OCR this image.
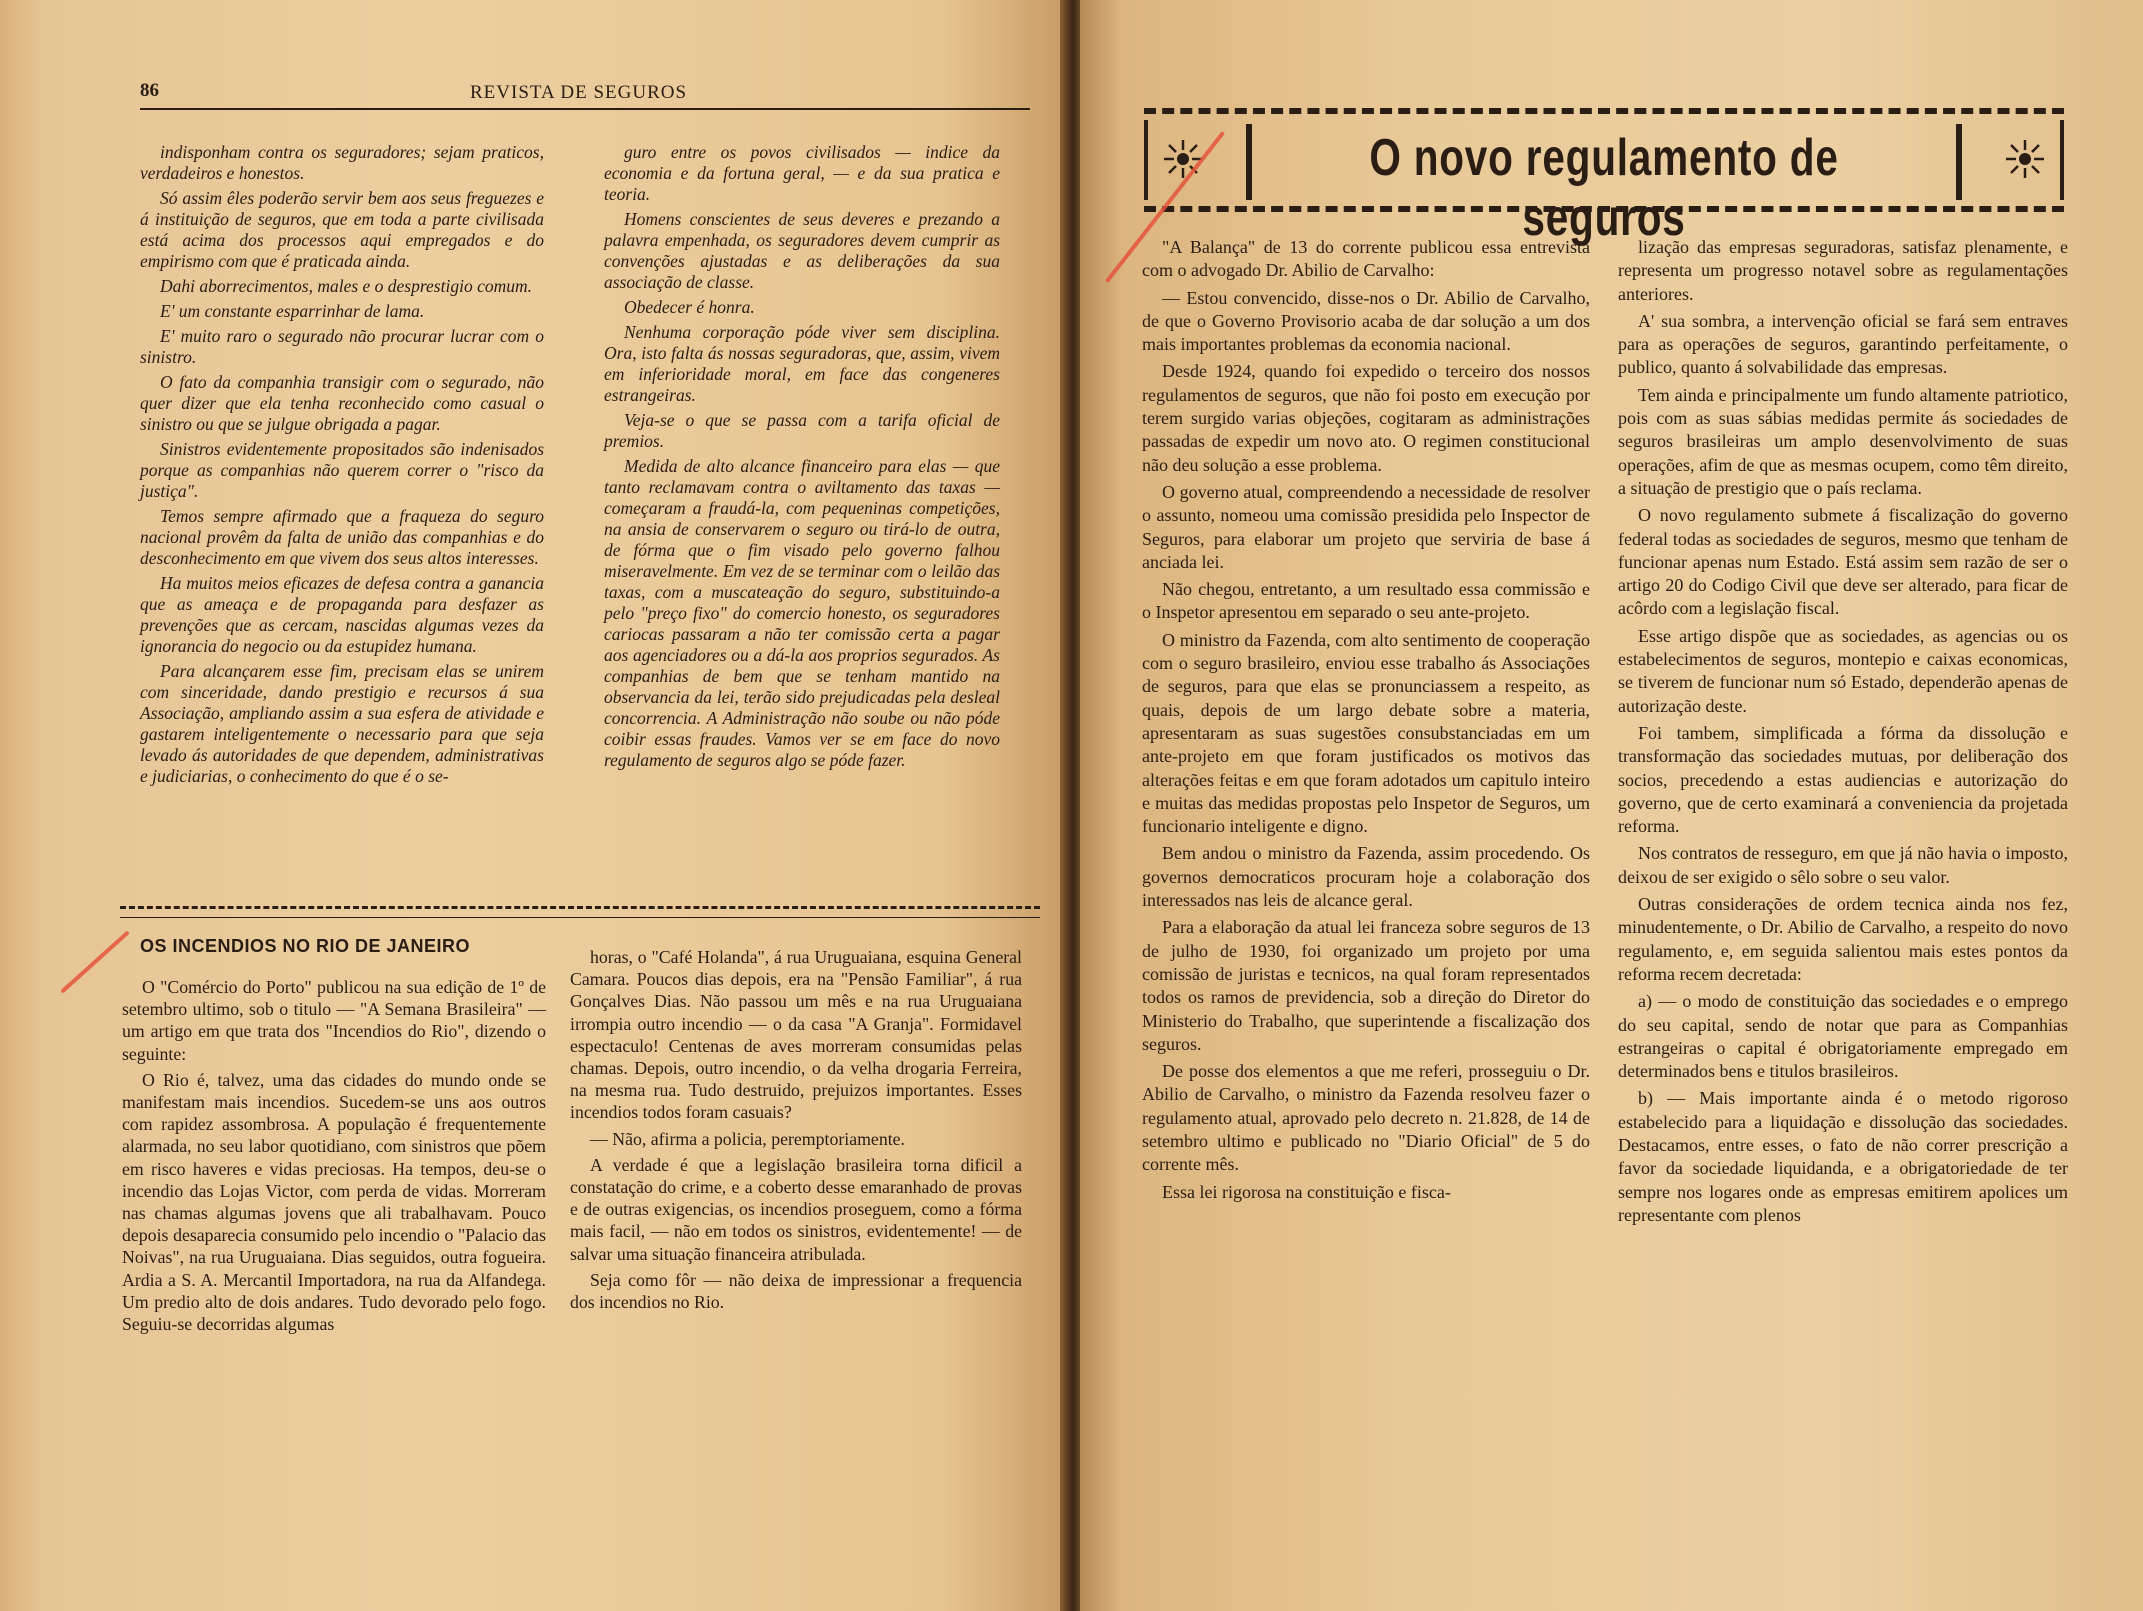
86	REVISTA DE SEGUROS

indisponham contra os seguradores; sejam praticos, verdadeiros e honestos.

Só assim êles poderão servir bem aos seus freguezes e á instituição de seguros, que em toda a parte civilisada está acima dos processos aqui empregados e do empirismo com que é praticada ainda.

Dahi aborrecimentos, males e o desprestigio comum.

E' um constante esparrinhar de lama.

E' muito raro o segurado não procurar lucrar com o sinistro.

O fato da companhia transigir com o segurado, não quer dizer que ela tenha reconhecido como casual o sinistro ou que se julgue obrigada a pagar.

Sinistros evidentemente propositados são indenisados porque as companhias não querem correr o "risco da justiça".

Temos sempre afirmado que a fraqueza do seguro nacional provêm da falta de união das companhias e do desconhecimento em que vivem dos seus altos interesses.

Ha muitos meios eficazes de defesa contra a ganancia que as ameaça e de propaganda para desfazer as prevenções que as cercam, nascidas algumas vezes da ignorancia do negocio ou da estupidez humana.

Para alcançarem esse fim, precisam elas se unirem com sinceridade, dando prestigio e recursos á sua Associação, ampliando assim a sua esfera de atividade e gastarem inteligentemente o necessario para que seja levado ás autoridades de que dependem, administrativas e judiciarias, o conhecimento do que é o se-

guro entre os povos civilisados — indice da economia e da fortuna geral, — e da sua pratica e teoria.

Homens conscientes de seus deveres e prezando a palavra empenhada, os seguradores devem cumprir as convenções ajustadas e as deliberações da sua associação de classe.

Obedecer é honra.

Nenhuma corporação póde viver sem disciplina. Ora, isto falta ás nossas seguradoras, que, assim, vivem em inferioridade moral, em face das congeneres estrangeiras.

Veja-se o que se passa com a tarifa oficial de premios.

Medida de alto alcance financeiro para elas — que tanto reclamavam contra o aviltamento das taxas — começaram a fraudá-la, com pequeninas competições, na ansia de conservarem o seguro ou tirá-lo de outra, de fórma que o fim visado pelo governo falhou miseravelmente. Em vez de se terminar com o leilão das taxas, com a muscateação do seguro, substituindo-a pelo "preço fixo" do comercio honesto, os seguradores cariocas passaram a não ter comissão certa a pagar aos agenciadores ou a dá-la aos proprios segurados. As companhias de bem que se tenham mantido na observancia da lei, terão sido prejudicadas pela desleal concorrencia. A Administração não soube ou não póde coibir essas fraudes. Vamos ver se em face do novo regulamento de seguros algo se póde fazer.

OS INCENDIOS NO RIO DE JANEIRO

O "Comércio do Porto" publicou na sua edição de 1º de setembro ultimo, sob o titulo — "A Semana Brasileira" — um artigo em que trata dos "Incendios do Rio", dizendo o seguinte:

O Rio é, talvez, uma das cidades do mundo onde se manifestam mais incendios. Sucedem-se uns aos outros com rapidez assombrosa. A população é frequentemente alarmada, no seu labor quotidiano, com sinistros que põem em risco haveres e vidas preciosas. Ha tempos, deu-se o incendio das Lojas Victor, com perda de vidas. Morreram nas chamas algumas jovens que ali trabalhavam. Pouco depois desaparecia consumido pelo incendio o "Palacio das Noivas", na rua Uruguaiana. Dias seguidos, outra fogueira. Ardia a S. A. Mercantil Importadora, na rua da Alfandega. Um predio alto de dois andares. Tudo devorado pelo fogo. Seguiu-se decorridas algumas

horas, o "Café Holanda", á rua Uruguaiana, esquina General Camara. Poucos dias depois, era na "Pensão Familiar", á rua Gonçalves Dias. Não passou um mês e na rua Uruguaiana irrompia outro incendio — o da casa "A Granja". Formidavel espectaculo! Centenas de aves morreram consumidas pelas chamas. Depois, outro incendio, o da velha drogaria Ferreira, na mesma rua. Tudo destruido, prejuizos importantes. Esses incendios todos foram casuais?

— Não, afirma a policia, peremptoriamente.

A verdade é que a legislação brasileira torna dificil a constatação do crime, e a coberto desse emaranhado de provas e de outras exigencias, os incendios proseguem, como a fórma mais facil, — não em todos os sinistros, evidentemente! — de salvar uma situação financeira atribulada.

Seja como fôr — não deixa de impressionar a frequencia dos incendios no Rio.

O novo regulamento de seguros

"A Balança" de 13 do corrente publicou essa entrevista com o advogado Dr. Abilio de Carvalho:

— Estou convencido, disse-nos o Dr. Abilio de Carvalho, de que o Governo Provisorio acaba de dar solução a um dos mais importantes problemas da economia nacional.

Desde 1924, quando foi expedido o terceiro dos nossos regulamentos de seguros, que não foi posto em execução por terem surgido varias objeções, cogitaram as administrações passadas de expedir um novo ato. O regimen constitucional não deu solução a esse problema.

O governo atual, compreendendo a necessidade de resolver o assunto, nomeou uma comissão presidida pelo Inspector de Seguros, para elaborar um projeto que serviria de base á anciada lei.

Não chegou, entretanto, a um resultado essa commissão e o Inspetor apresentou em separado o seu ante-projeto.

O ministro da Fazenda, com alto sentimento de cooperação com o seguro brasileiro, enviou esse trabalho ás Associações de seguros, para que elas se pronunciassem a respeito, as quais, depois de um largo debate sobre a materia, apresentaram as suas sugestões consubstanciadas em um ante-projeto em que foram justificados os motivos das alterações feitas e em que foram adotados um capitulo inteiro e muitas das medidas propostas pelo Inspetor de Seguros, um funcionario inteligente e digno.

Bem andou o ministro da Fazenda, assim procedendo. Os governos democraticos procuram hoje a colaboração dos interessados nas leis de alcance geral.

Para a elaboração da atual lei franceza sobre seguros de 13 de julho de 1930, foi organizado um projeto por uma comissão de juristas e tecnicos, na qual foram representados todos os ramos de previdencia, sob a direção do Diretor do Ministerio do Trabalho, que superintende a fiscalização dos seguros.

De posse dos elementos a que me referi, prosseguiu o Dr. Abilio de Carvalho, o ministro da Fazenda resolveu fazer o regulamento atual, aprovado pelo decreto n. 21.828, de 14 de setembro ultimo e publicado no "Diario Oficial" de 5 do corrente mês.

Essa lei rigorosa na constituição e fisca-

lização das empresas seguradoras, satisfaz plenamente, e representa um progresso notavel sobre as regulamentações anteriores.

A' sua sombra, a intervenção oficial se fará sem entraves para as operações de seguros, garantindo perfeitamente, o publico, quanto á solvabilidade das empresas.

Tem ainda e principalmente um fundo altamente patriotico, pois com as suas sábias medidas permite ás sociedades de seguros brasileiras um amplo desenvolvimento de suas operações, afim de que as mesmas ocupem, como têm direito, a situação de prestigio que o país reclama.

O novo regulamento submete á fiscalização do governo federal todas as sociedades de seguros, mesmo que tenham de funcionar apenas num Estado. Está assim sem razão de ser o artigo 20 do Codigo Civil que deve ser alterado, para ficar de acôrdo com a legislação fiscal.

Esse artigo dispõe que as sociedades, as agencias ou os estabelecimentos de seguros, montepio e caixas economicas, se tiverem de funcionar num só Estado, dependerão apenas de autorização deste.

Foi tambem, simplificada a fórma da dissolução e transformação das sociedades mutuas, por deliberação dos socios, precedendo a estas audiencias e autorização do governo, que de certo examinará a conveniencia da projetada reforma.

Nos contratos de resseguro, em que já não havia o imposto, deixou de ser exigido o sêlo sobre o seu valor.

Outras considerações de ordem tecnica ainda nos fez, minudentemente, o Dr. Abilio de Carvalho, a respeito do novo regulamento, e, em seguida salientou mais estes pontos da reforma recem decretada:

a) — o modo de constituição das sociedades e o emprego do seu capital, sendo de notar que para as Companhias estrangeiras o capital é obrigatoriamente empregado em determinados bens e titulos brasileiros.

b) — Mais importante ainda é o metodo rigoroso estabelecido para a liquidação e dissolução das sociedades. Destacamos, entre esses, o fato de não correr prescrição a favor da sociedade liquidanda, e a obrigatoriedade de ter sempre nos logares onde as empresas emitirem apolices um representante com plenos
